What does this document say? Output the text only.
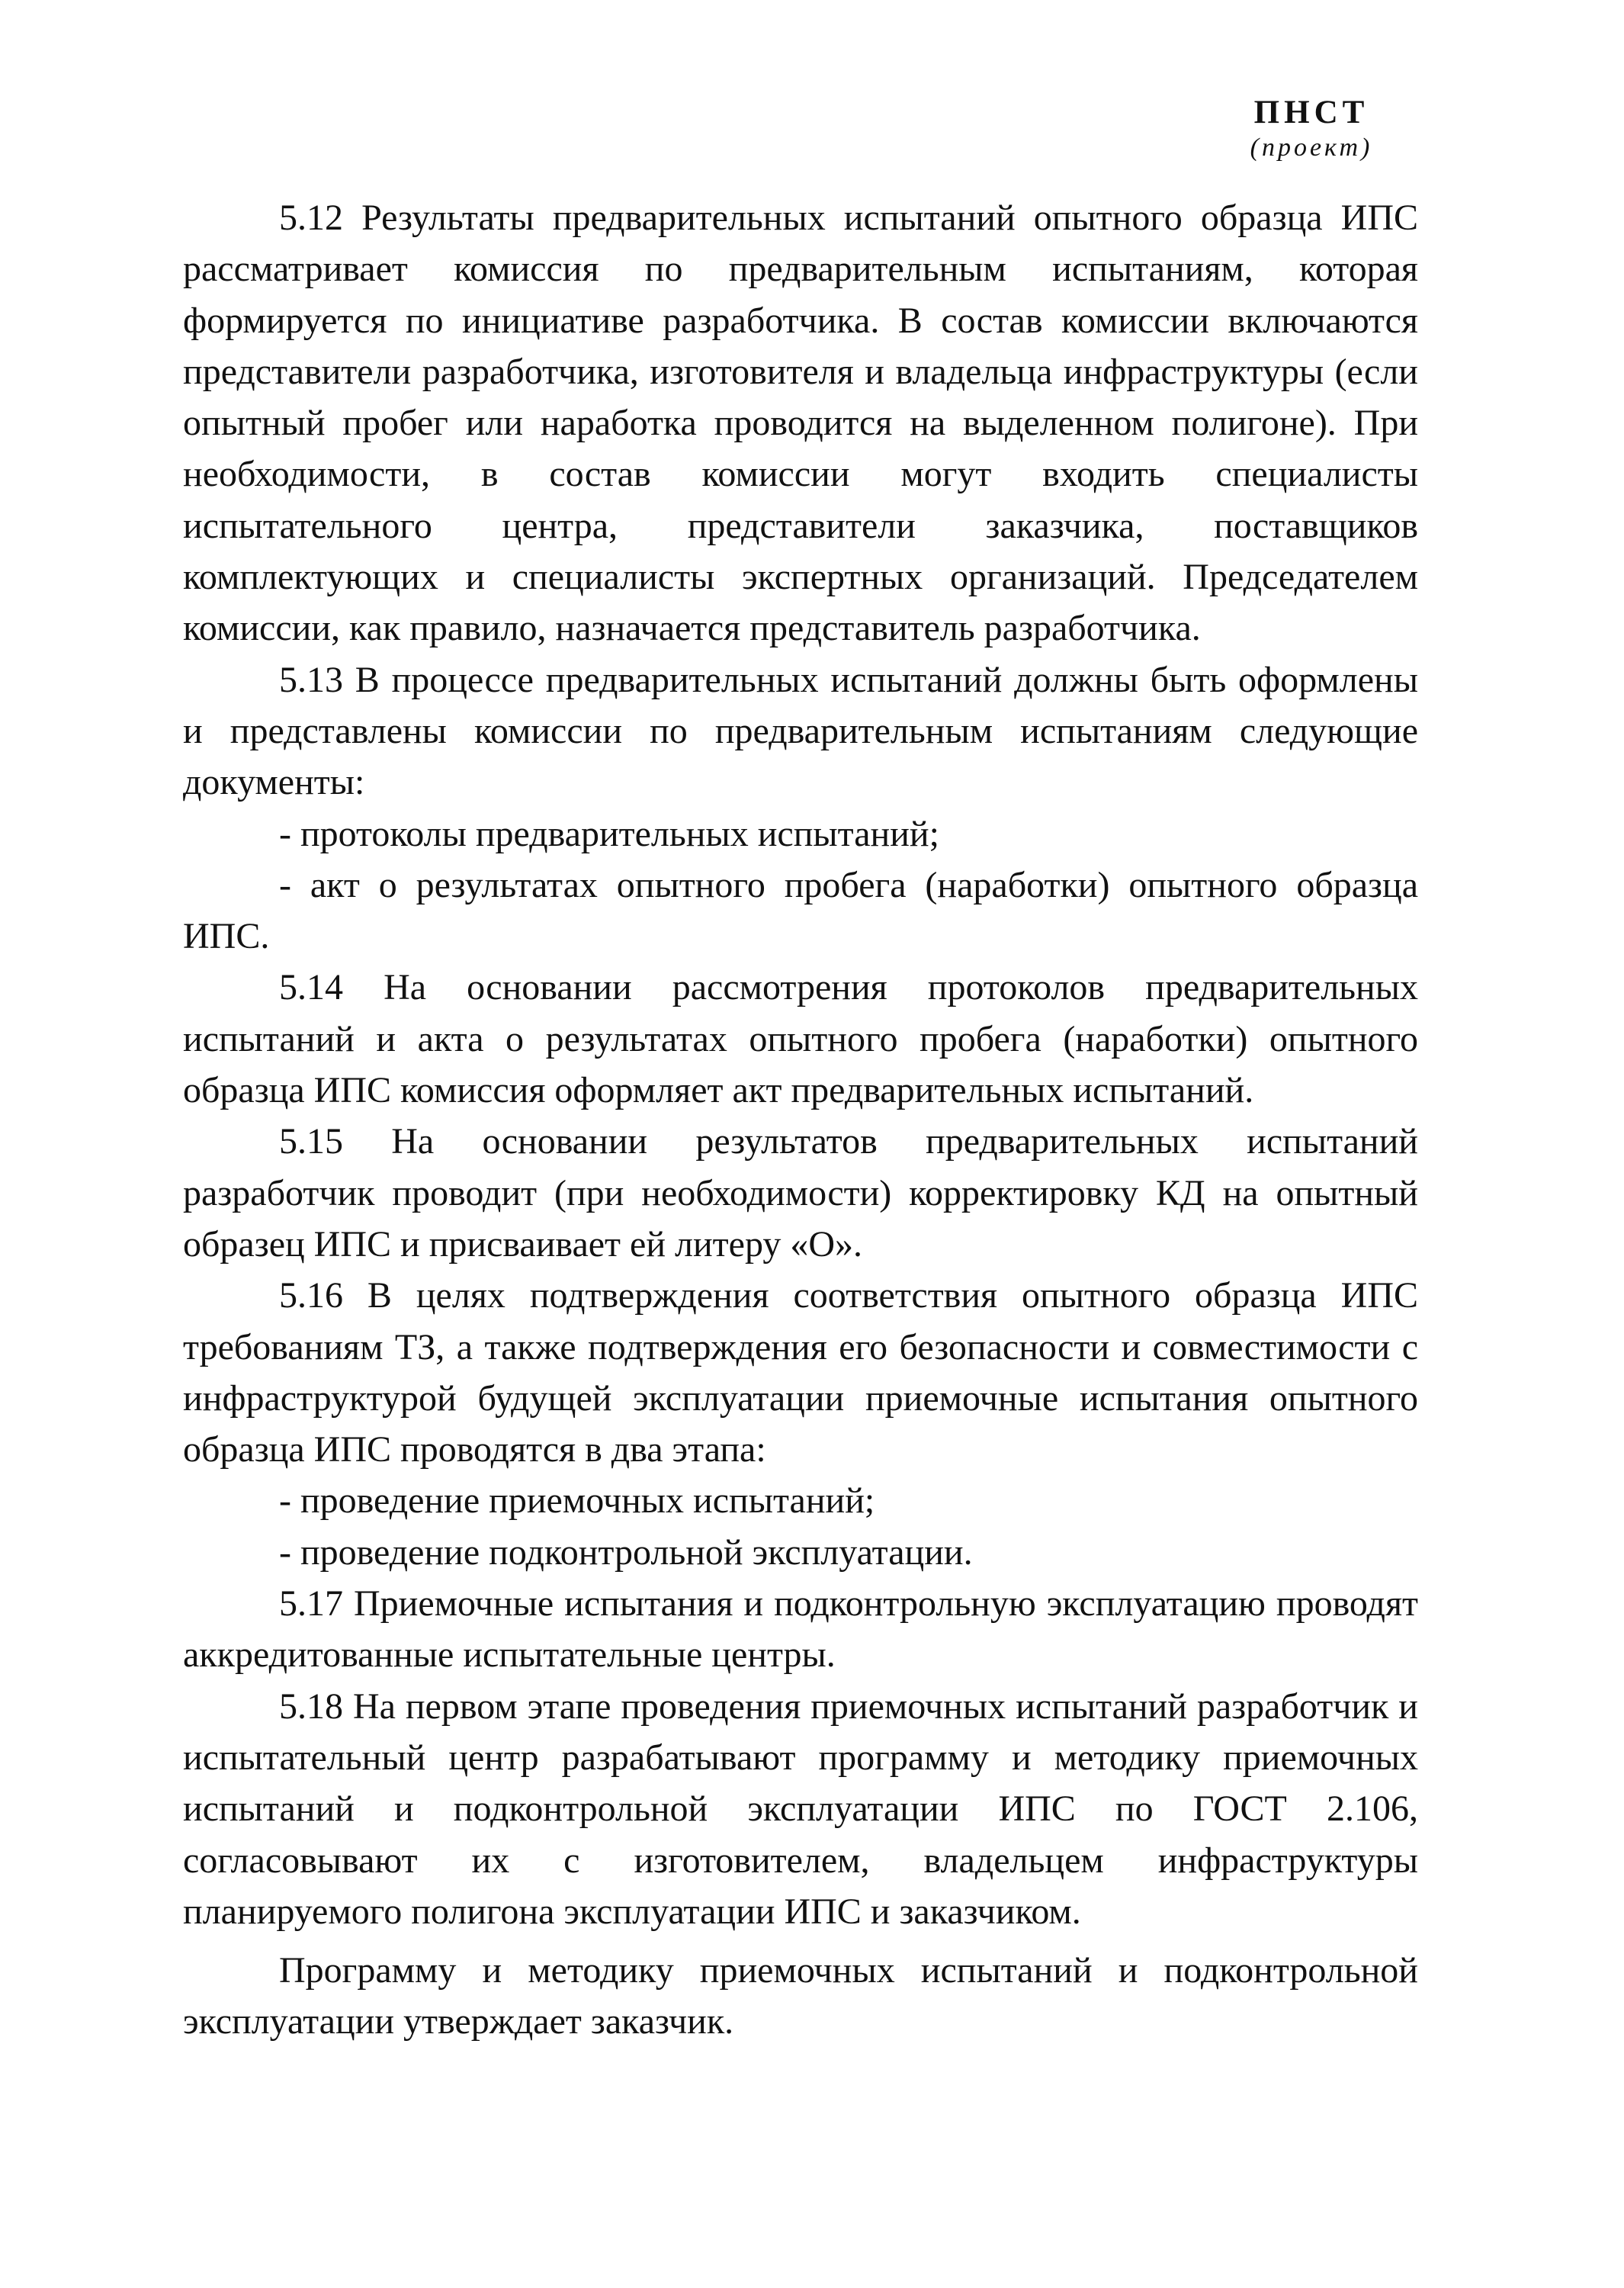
ПНСТ
(проект)

5.12 Результаты предварительных испытаний опытного образца ИПС рассматривает комиссия по предварительным испытаниям, которая формируется по инициативе разработчика. В состав комиссии включаются представители разработчика, изготовителя и владельца инфраструктуры (если опытный пробег или наработка проводится на выделенном полигоне). При необходимости, в состав комиссии могут входить специалисты испытательного центра, представители заказчика, поставщиков комплектующих и специалисты экспертных организаций. Председателем комиссии, как правило, назначается представитель разработчика.

5.13 В процессе предварительных испытаний должны быть оформлены и представлены комиссии по предварительным испытаниям следующие документы:

- протоколы предварительных испытаний;

- акт о результатах опытного пробега (наработки) опытного образца ИПС.

5.14 На основании рассмотрения протоколов предварительных испытаний и акта о результатах опытного пробега (наработки) опытного образца ИПС комиссия оформляет акт предварительных испытаний.

5.15 На основании результатов предварительных испытаний разработчик проводит (при необходимости) корректировку КД на опытный образец ИПС и присваивает ей литеру «О».

5.16 В целях подтверждения соответствия опытного образца ИПС требованиям ТЗ, а также подтверждения его безопасности и совместимости с инфраструктурой будущей эксплуатации приемочные испытания опытного образца ИПС проводятся в два этапа:

- проведение приемочных испытаний;

- проведение подконтрольной эксплуатации.

5.17 Приемочные испытания и подконтрольную эксплуатацию проводят аккредитованные испытательные центры.

5.18 На первом этапе проведения приемочных испытаний разработчик и испытательный центр разрабатывают программу и методику приемочных испытаний и подконтрольной эксплуатации ИПС по ГОСТ 2.106, согласовывают их с изготовителем, владельцем инфраструктуры планируемого полигона эксплуатации ИПС и заказчиком.

Программу и методику приемочных испытаний и подконтрольной эксплуатации утверждает заказчик.
